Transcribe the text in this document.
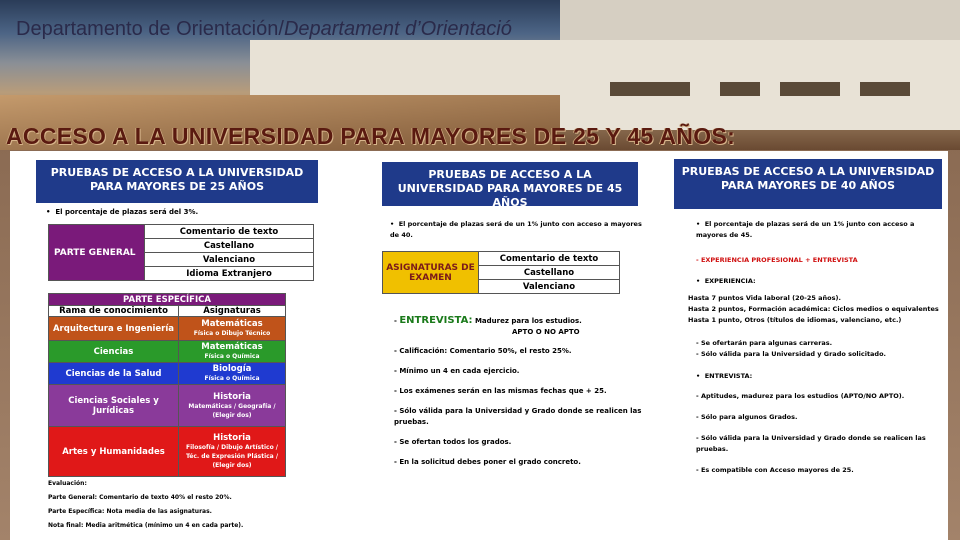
Departamento de Orientación/Departament d’Orientació
ACCESO A LA UNIVERSIDAD PARA MAYORES DE 25 Y 45 AÑOS:
PRUEBAS DE ACCESO A LA UNIVERSIDAD PARA MAYORES DE 25 AÑOS
•  El porcentaje de plazas será del 3%.
PARTE GENERAL	Comentario de texto
Castellano
Valenciano
Idioma Extranjero
PARTE ESPECÍFICA	
Rama de conocimiento	Asignaturas
Arquitectura e Ingeniería	Matemáticas
Física o Dibujo Técnico

Ciencias	Matemáticas
Física o Química

Ciencias de la Salud	Biología
Física o Química

Ciencias Sociales y Jurídicas	Historia
Matemáticas / Geografía / (Elegir dos)

Artes y Humanidades	Historia
Filosofía / Dibujo Artístico / Téc. de Expresión Plástica / (Elegir dos)
Evaluación:
Parte General: Comentario de texto 40% el resto 20%.
Parte Específica: Nota media de las asignaturas.
Nota final: Media aritmética (mínimo un 4 en cada parte).
PRUEBAS DE ACCESO A LA UNIVERSIDAD PARA MAYORES DE 45 AÑOS
•  El porcentaje de plazas será de un 1% junto con acceso a mayores de 40.
ASIGNATURAS DE EXAMEN	Comentario de texto
Castellano
Valenciano
- ENTREVISTA: Madurez para los estudios.
APTO O NO APTO
- Calificación: Comentario 50%, el resto 25%.
- Mínimo un 4 en cada ejercicio.
- Los exámenes serán en las mismas fechas que + 25.
- Sólo válida para la Universidad y Grado donde se realicen las pruebas.
- Se ofertan todos los grados.
- En la solicitud debes poner el grado concreto.
PRUEBAS DE ACCESO A LA UNIVERSIDAD PARA MAYORES DE 40 AÑOS
•  El porcentaje de plazas será de un 1% junto con acceso a mayores de 45.
- EXPERIENCIA PROFESIONAL + ENTREVISTA
•  EXPERIENCIA:
Hasta 7 puntos Vida laboral (20-25 años).
Hasta 2 puntos, Formación académica: Ciclos medios o equivalentes
Hasta 1 punto, Otros (títulos de idiomas, valenciano, etc.)
- Se ofertarán para algunas carreras.
- Sólo válida para la Universidad y Grado solicitado.
•  ENTREVISTA:
- Aptitudes, madurez para los estudios (APTO/NO APTO).
- Sólo para algunos Grados.
- Sólo válida para la Universidad y Grado donde se realicen las pruebas.
- Es compatible con Acceso mayores de 25.
